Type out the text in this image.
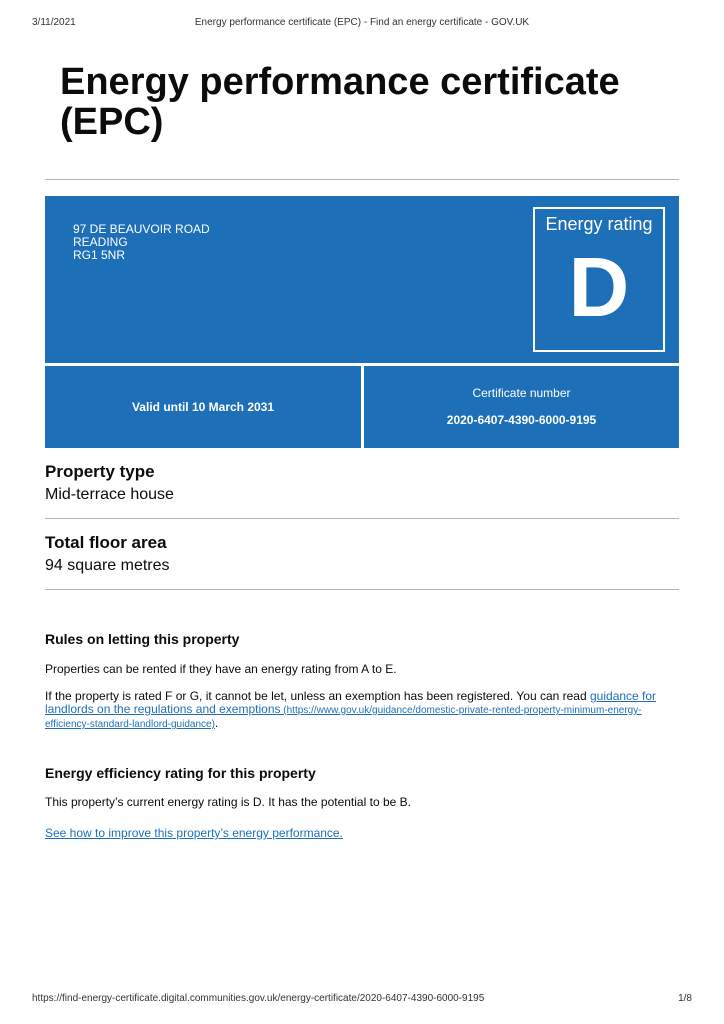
3/11/2021	Energy performance certificate (EPC) - Find an energy certificate - GOV.UK
Energy performance certificate (EPC)
97 DE BEAUVOIR ROAD
READING
RG1 5NR
Energy rating
D
Valid until 10 March 2031
Certificate number
2020-6407-4390-6000-9195
Property type

Mid-terrace house

Total floor area

94 square metres

Rules on letting this property

Properties can be rented if they have an energy rating from A to E.

If the property is rated F or G, it cannot be let, unless an exemption has been registered. You can read guidance for landlords on the regulations and exemptions (https://www.gov.uk/guidance/domestic-private-rented-property-minimum-energy-efficiency-standard-landlord-guidance).

Energy efficiency rating for this property

This property’s current energy rating is D. It has the potential to be B.

See how to improve this property’s energy performance.

https://find-energy-certificate.digital.communities.gov.uk/energy-certificate/2020-6407-4390-6000-9195	1/8
